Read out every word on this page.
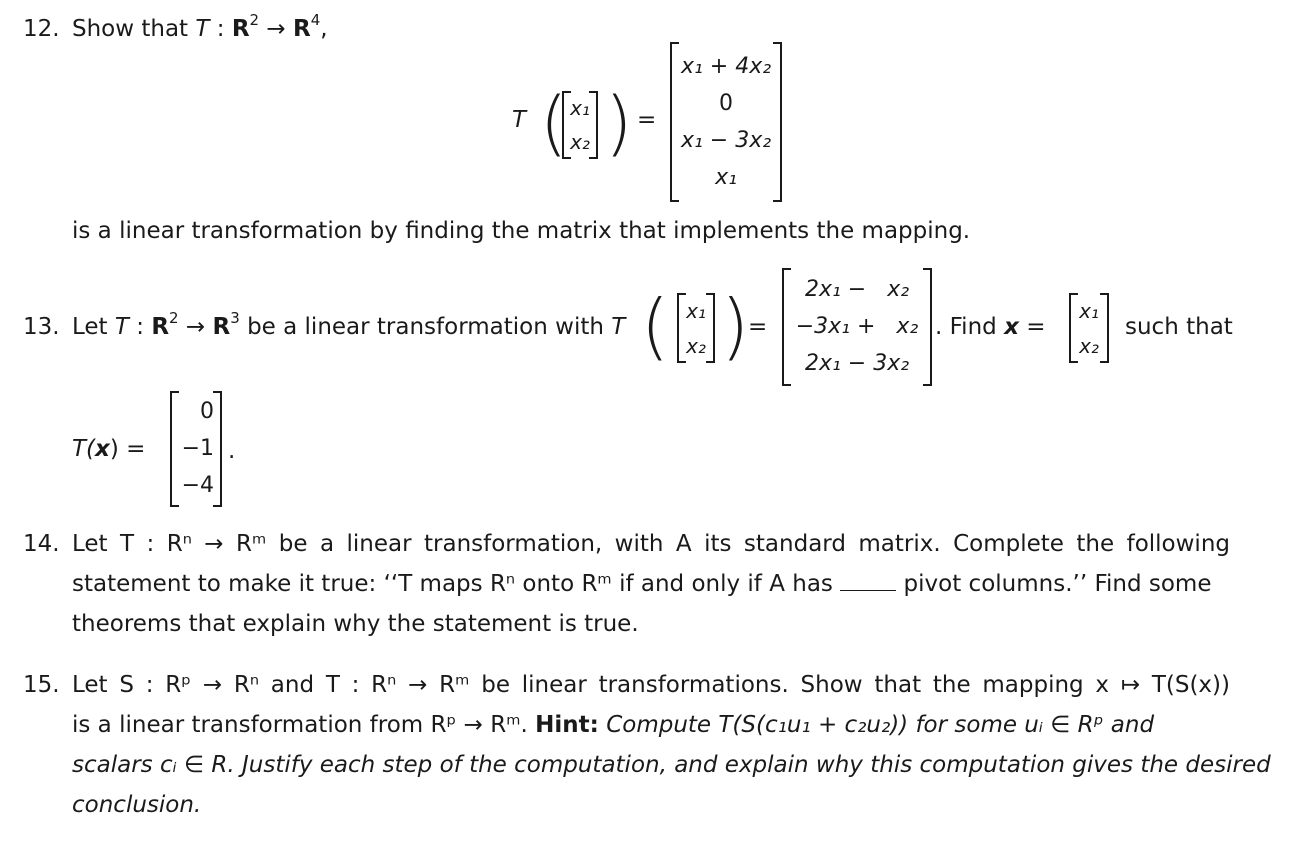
12. Show that T : $R^2 \to R^4$,
T ( x₁
x₂ ) =
x₁ + 4x₂
0
x₁ − 3x₂
x₁
is a linear transformation by finding the matrix that implements the mapping.
13. Let T : $R^2 \to R^3$ be a linear transformation with T ( x₁
x₂ )
=
2x₁ −   x₂
−3x₁ +   x₂
2x₁ − 3x₂
. Find x =
x₁
x₂
such that
T(x) =
0
−1
−4
.
14. Let T : Rⁿ → Rᵐ be a linear transformation, with A its standard matrix. Complete the following
statement to make it true: ‘‘T maps Rⁿ onto Rᵐ if and only if A has	pivot columns.’’ Find some
theorems that explain why the statement is true.
15. Let S : Rᵖ → Rⁿ and T : Rⁿ → Rᵐ be linear transformations. Show that the mapping x ↦ T(S(x))
is a linear transformation from Rᵖ → Rᵐ. Hint: Compute T(S(c₁u₁ + c₂u₂)) for some uᵢ ∈ Rᵖ and
scalars cᵢ ∈ R. Justify each step of the computation, and explain why this computation gives the desired
conclusion.
